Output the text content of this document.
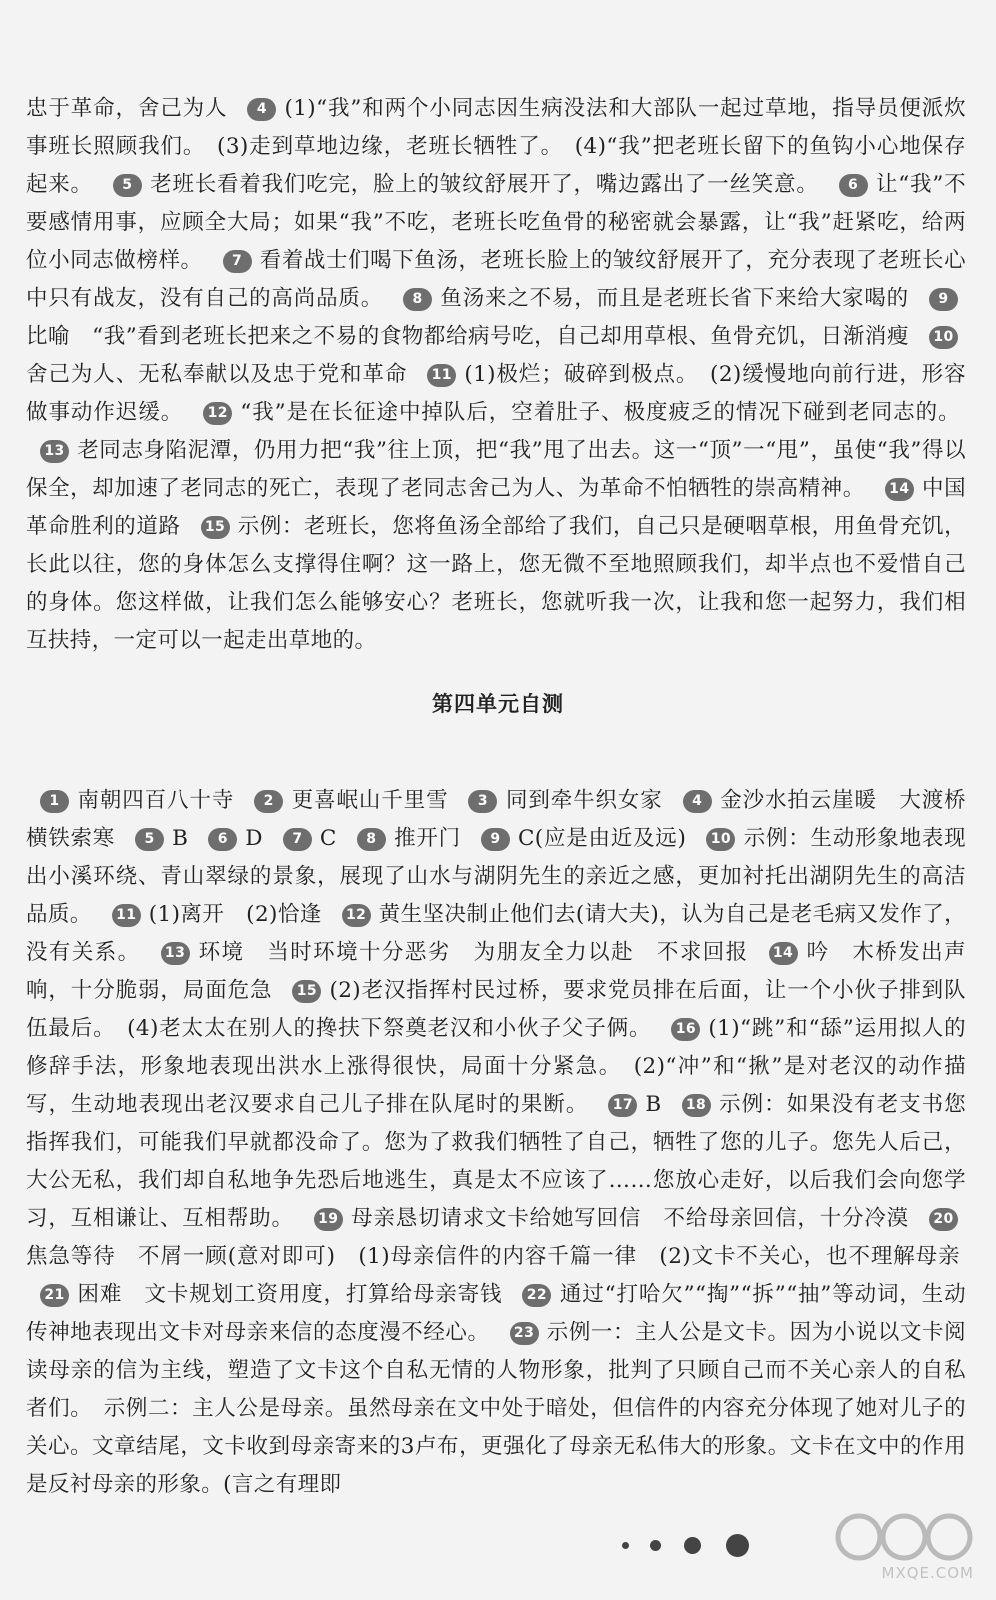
忠于革命，舍己为人 4 (1)“我”和两个小同志因生病没法和大部队一起过草地，指导员便派炊事班长照顾我们。　(3)走到草地边缘，老班长牺牲了。　(4)“我”把老班长留下的鱼钩小心地保存起来。 5 老班长看着我们吃完，脸上的皱纹舒展开了，嘴边露出了一丝笑意。 6 让“我”不要感情用事，应顾全大局；如果“我”不吃，老班长吃鱼骨的秘密就会暴露，让“我”赶紧吃，给两位小同志做榜样。 7 看着战士们喝下鱼汤，老班长脸上的皱纹舒展开了，充分表现了老班长心中只有战友，没有自己的高尚品质。 8 鱼汤来之不易，而且是老班长省下来给大家喝的 9比喻　“我”看到老班长把来之不易的食物都给病号吃，自己却用草根、鱼骨充饥，日渐消瘦 10舍己为人、无私奉献以及忠于党和革命 11 (1)极烂；破碎到极点。　(2)缓慢地向前行进，形容做事动作迟缓。 12 “我”是在长征途中掉队后，空着肚子、极度疲乏的情况下碰到老同志的。13 老同志身陷泥潭，仍用力把“我”往上顶，把“我”甩了出去。这一“顶”一“甩”，虽使“我”得以保全，却加速了老同志的死亡，表现了老同志舍己为人、为革命不怕牺牲的崇高精神。 14 中国革命胜利的道路 15 示例：老班长，您将鱼汤全部给了我们，自己只是硬咽草根，用鱼骨充饥，长此以往，您的身体怎么支撑得住啊？这一路上，您无微不至地照顾我们，却半点也不爱惜自己的身体。您这样做，让我们怎么能够安心？老班长，您就听我一次，让我和您一起努力，我们相互扶持，一定可以一起走出草地的。
第四单元自测
1 南朝四百八十寺 2 更喜岷山千里雪 3 同到牵牛织女家 4 金沙水拍云崖暖　大渡桥横铁索寒 5 B 6 D 7 C 8 推开门 9 C(应是由近及远) 10 示例：生动形象地表现出小溪环绕、青山翠绿的景象，展现了山水与湖阴先生的亲近之感，更加衬托出湖阴先生的高洁品质。 11 (1)离开　(2)恰逢 12 黄生坚决制止他们去(请大夫)，认为自己是老毛病又发作了，没有关系。 13 环境　当时环境十分恶劣　为朋友全力以赴　不求回报 14 吟　木桥发出声响，十分脆弱，局面危急 15 (2)老汉指挥村民过桥，要求党员排在后面，让一个小伙子排到队伍最后。　(4)老太太在别人的搀扶下祭奠老汉和小伙子父子俩。 16 (1)“跳”和“舔”运用拟人的修辞手法，形象地表现出洪水上涨得很快，局面十分紧急。　(2)“冲”和“揪”是对老汉的动作描写，生动地表现出老汉要求自己儿子排在队尾时的果断。 17 B 18 示例：如果没有老支书您指挥我们，可能我们早就都没命了。您为了救我们牺牲了自己，牺牲了您的儿子。您先人后己，大公无私，我们却自私地争先恐后地逃生，真是太不应该了……您放心走好，以后我们会向您学习，互相谦让、互相帮助。 19 母亲恳切请求文卡给她写回信　不给母亲回信，十分冷漠 20焦急等待　不屑一顾(意对即可)　(1)母亲信件的内容千篇一律　(2)文卡不关心，也不理解母亲21 困难　文卡规划工资用度，打算给母亲寄钱 22 通过“打哈欠”“掏”“拆”“抽”等动词，生动传神地表现出文卡对母亲来信的态度漫不经心。 23 示例一：主人公是文卡。因为小说以文卡阅读母亲的信为主线，塑造了文卡这个自私无情的人物形象，批判了只顾自己而不关心亲人的自私者们。　示例二：主人公是母亲。虽然母亲在文中处于暗处，但信件的内容充分体现了她对儿子的关心。文章结尾，文卡收到母亲寄来的3卢布，更强化了母亲无私伟大的形象。文卡在文中的作用是反衬母亲的形象。(言之有理即
MXQE.COM
